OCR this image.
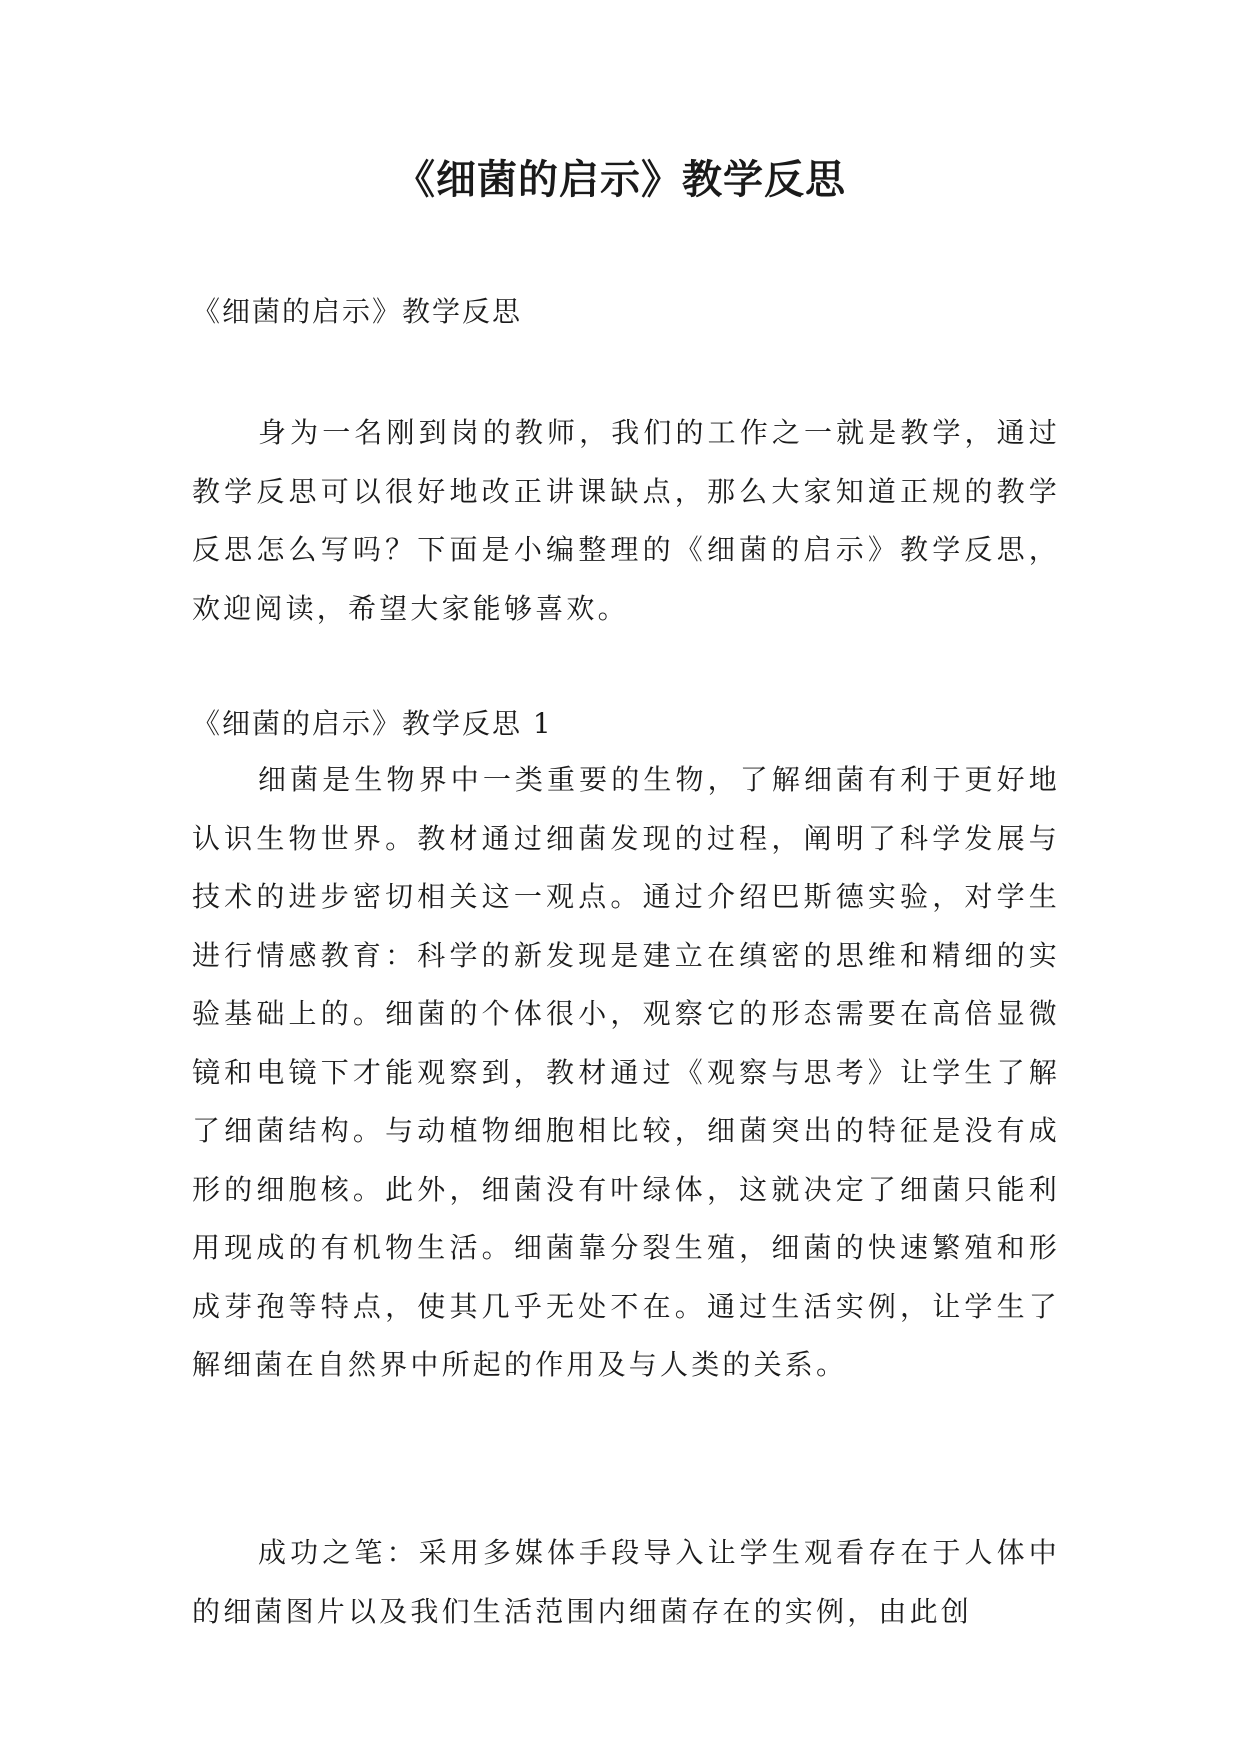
《细菌的启示》教学反思
《细菌的启示》教学反思

身为一名刚到岗的教师，我们的工作之一就是教学，通过教学反思可以很好地改正讲课缺点，那么大家知道正规的教学反思怎么写吗？下面是小编整理的《细菌的启示》教学反思，欢迎阅读，希望大家能够喜欢。

《细菌的启示》教学反思 1

细菌是生物界中一类重要的生物，了解细菌有利于更好地认识生物世界。教材通过细菌发现的过程，阐明了科学发展与技术的进步密切相关这一观点。通过介绍巴斯德实验，对学生进行情感教育：科学的新发现是建立在缜密的思维和精细的实验基础上的。细菌的个体很小，观察它的形态需要在高倍显微镜和电镜下才能观察到，教材通过《观察与思考》让学生了解了细菌结构。与动植物细胞相比较，细菌突出的特征是没有成形的细胞核。此外，细菌没有叶绿体，这就决定了细菌只能利用现成的有机物生活。细菌靠分裂生殖，细菌的快速繁殖和形成芽孢等特点，使其几乎无处不在。通过生活实例，让学生了解细菌在自然界中所起的作用及与人类的关系。

成功之笔：采用多媒体手段导入让学生观看存在于人体中的细菌图片以及我们生活范围内细菌存在的实例，由此创
